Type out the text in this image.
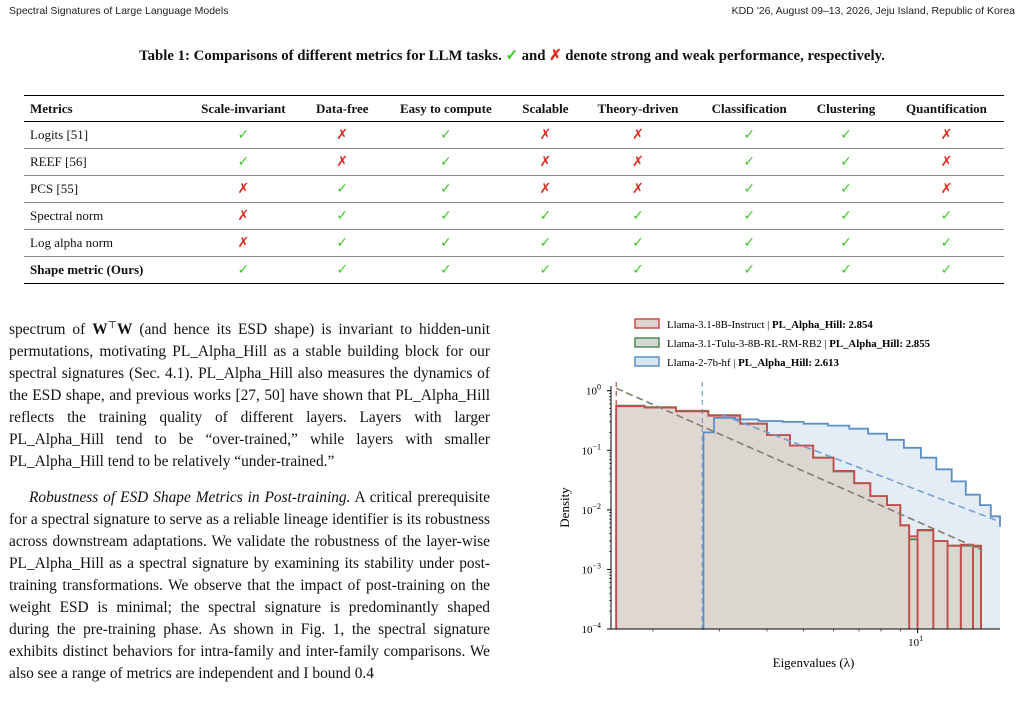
Spectral Signatures of Large Language Models	KDD '26, August 09–13, 2026, Jeju Island, Republic of Korea
Table 1: Comparisons of different metrics for LLM tasks. ✓ and ✗ denote strong and weak performance, respectively.
Metrics	Scale-invariant	Data-free	Easy to compute	Scalable	Theory-driven	Classification	Clustering	Quantification
Logits [51]	✓	✗	✓	✗	✗	✓	✓	✗
REEF [56]	✓	✗	✓	✗	✗	✓	✓	✗
PCS [55]	✗	✓	✓	✗	✗	✓	✓	✗
Spectral norm	✗	✓	✓	✓	✓	✓	✓	✓
Log alpha norm	✗	✓	✓	✓	✓	✓	✓	✓
Shape metric (Ours)	✓	✓	✓	✓	✓	✓	✓	✓

spectrum of W⊤W (and hence its ESD shape) is invariant to hidden-unit permutations, motivating PL_Alpha_Hill as a stable building block for our spectral signatures (Sec. 4.1). PL_Alpha_Hill also measures the dynamics of the ESD shape, and previous works [27, 50] have shown that PL_Alpha_Hill reflects the training quality of different layers. Layers with larger PL_Alpha_Hill tend to be “over-trained,” while layers with smaller PL_Alpha_Hill tend to be relatively “under-trained.”

Robustness of ESD Shape Metrics in Post-training. A critical prerequisite for a spectral signature to serve as a reliable lineage identifier is its robustness across downstream adaptations. We validate the robustness of the layer-wise PL_Alpha_Hill as a spectral signature by examining its stability under post-training transformations. We observe that the impact of post-training on the weight ESD is minimal; the spectral signature is predominantly shaped during the pre-training phase. As shown in Fig. 1, the spectral signature exhibits distinct behaviors for intra-family and inter-family comparisons. We also see a range of metrics are independent and I bound 0.4

$10^0$
$10^{-1}$
$10^{-2}$
$10^{-3}$
$10^{-4}$
$10^1$
Eigenvalues (λ)
Density
Llama-3.1-8B-Instruct | PL_Alpha_Hill: 2.854
Llama-3.1-Tulu-3-8B-RL-RM-RB2 | PL_Alpha_Hill: 2.855
Llama-2-7b-hf | PL_Alpha_Hill: 2.613
